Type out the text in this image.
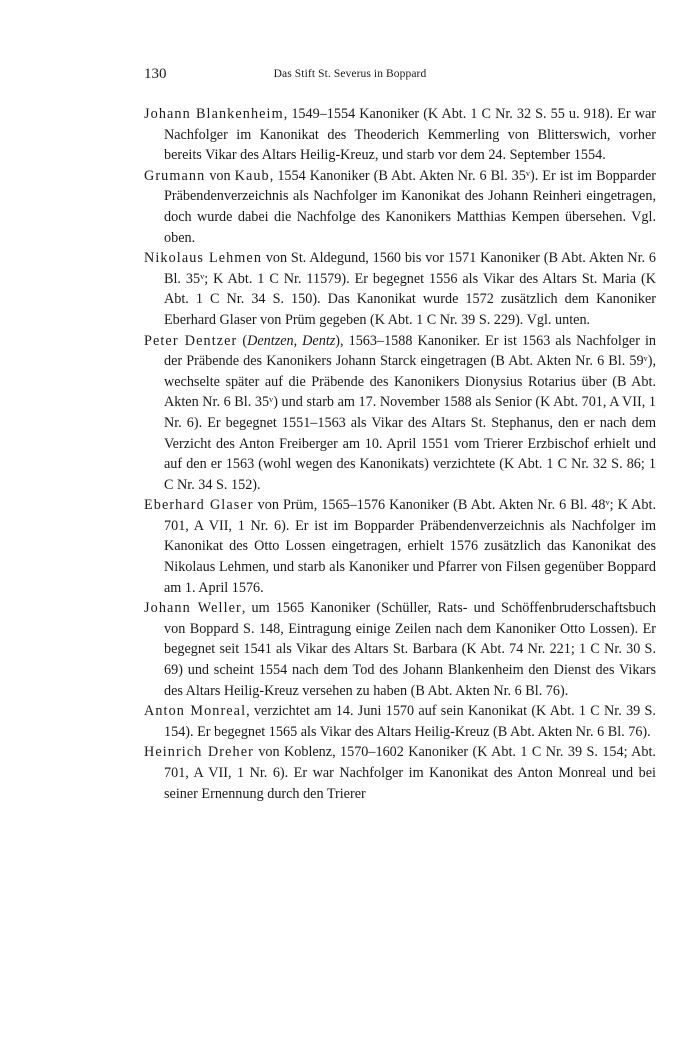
130	Das Stift St. Severus in Boppard

Johann Blankenheim, 1549–1554 Kanoniker (K Abt. 1 C Nr. 32 S. 55 u. 918). Er war Nachfolger im Kanonikat des Theoderich Kemmerling von Blitterswich, vorher bereits Vikar des Altars Heilig-Kreuz, und starb vor dem 24. September 1554.

Grumann von Kaub, 1554 Kanoniker (B Abt. Akten Nr. 6 Bl. 35ᵛ). Er ist im Bopparder Präbendenverzeichnis als Nachfolger im Kanonikat des Johann Reinheri eingetragen, doch wurde dabei die Nachfolge des Kanonikers Matthias Kempen übersehen. Vgl. oben.

Nikolaus Lehmen von St. Aldegund, 1560 bis vor 1571 Kanoniker (B Abt. Akten Nr. 6 Bl. 35ᵛ; K Abt. 1 C Nr. 11579). Er begegnet 1556 als Vikar des Altars St. Maria (K Abt. 1 C Nr. 34 S. 150). Das Kanonikat wurde 1572 zusätzlich dem Kanoniker Eberhard Glaser von Prüm gegeben (K Abt. 1 C Nr. 39 S. 229). Vgl. unten.

Peter Dentzer (Dentzen, Dentz), 1563–1588 Kanoniker. Er ist 1563 als Nachfolger in der Präbende des Kanonikers Johann Starck eingetragen (B Abt. Akten Nr. 6 Bl. 59ᵛ), wechselte später auf die Präbende des Kanonikers Dionysius Rotarius über (B Abt. Akten Nr. 6 Bl. 35ᵛ) und starb am 17. November 1588 als Senior (K Abt. 701, A VII, 1 Nr. 6). Er begegnet 1551–1563 als Vikar des Altars St. Stephanus, den er nach dem Verzicht des Anton Freiberger am 10. April 1551 vom Trierer Erzbischof erhielt und auf den er 1563 (wohl wegen des Kanonikats) verzichtete (K Abt. 1 C Nr. 32 S. 86; 1 C Nr. 34 S. 152).

Eberhard Glaser von Prüm, 1565–1576 Kanoniker (B Abt. Akten Nr. 6 Bl. 48ᵛ; K Abt. 701, A VII, 1 Nr. 6). Er ist im Bopparder Präbendenverzeichnis als Nachfolger im Kanonikat des Otto Lossen eingetragen, erhielt 1576 zusätzlich das Kanonikat des Nikolaus Lehmen, und starb als Kanoniker und Pfarrer von Filsen gegenüber Boppard am 1. April 1576.

Johann Weller, um 1565 Kanoniker (Schüller, Rats- und Schöffenbruderschaftsbuch von Boppard S. 148, Eintragung einige Zeilen nach dem Kanoniker Otto Lossen). Er begegnet seit 1541 als Vikar des Altars St. Barbara (K Abt. 74 Nr. 221; 1 C Nr. 30 S. 69) und scheint 1554 nach dem Tod des Johann Blankenheim den Dienst des Vikars des Altars Heilig-Kreuz versehen zu haben (B Abt. Akten Nr. 6 Bl. 76).

Anton Monreal, verzichtet am 14. Juni 1570 auf sein Kanonikat (K Abt. 1 C Nr. 39 S. 154). Er begegnet 1565 als Vikar des Altars Heilig-Kreuz (B Abt. Akten Nr. 6 Bl. 76).

Heinrich Dreher von Koblenz, 1570–1602 Kanoniker (K Abt. 1 C Nr. 39 S. 154; Abt. 701, A VII, 1 Nr. 6). Er war Nachfolger im Kanonikat des Anton Monreal und bei seiner Ernennung durch den Trierer
